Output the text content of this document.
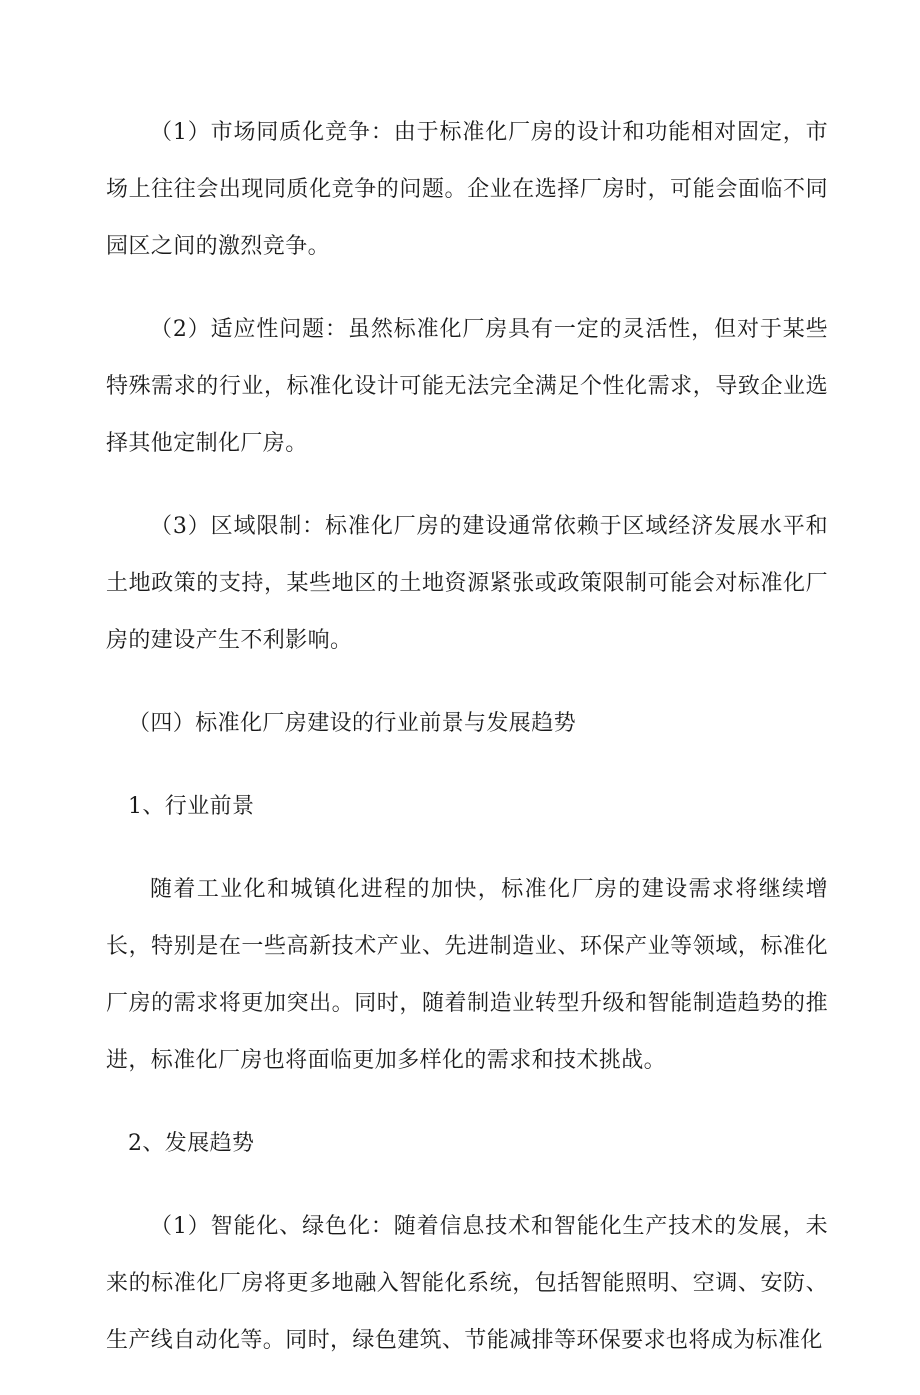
（1）市场同质化竞争：由于标准化厂房的设计和功能相对固定，市场上往往会出现同质化竞争的问题。企业在选择厂房时，可能会面临不同园区之间的激烈竞争。

（2）适应性问题：虽然标准化厂房具有一定的灵活性，但对于某些特殊需求的行业，标准化设计可能无法完全满足个性化需求，导致企业选择其他定制化厂房。

（3）区域限制：标准化厂房的建设通常依赖于区域经济发展水平和土地政策的支持，某些地区的土地资源紧张或政策限制可能会对标准化厂房的建设产生不利影响。

（四）标准化厂房建设的行业前景与发展趋势

1、行业前景

随着工业化和城镇化进程的加快，标准化厂房的建设需求将继续增长，特别是在一些高新技术产业、先进制造业、环保产业等领域，标准化厂房的需求将更加突出。同时，随着制造业转型升级和智能制造趋势的推进，标准化厂房也将面临更加多样化的需求和技术挑战。

2、发展趋势

（1）智能化、绿色化：随着信息技术和智能化生产技术的发展，未来的标准化厂房将更多地融入智能化系统，包括智能照明、空调、安防、生产线自动化等。同时，绿色建筑、节能减排等环保要求也将成为标准化
